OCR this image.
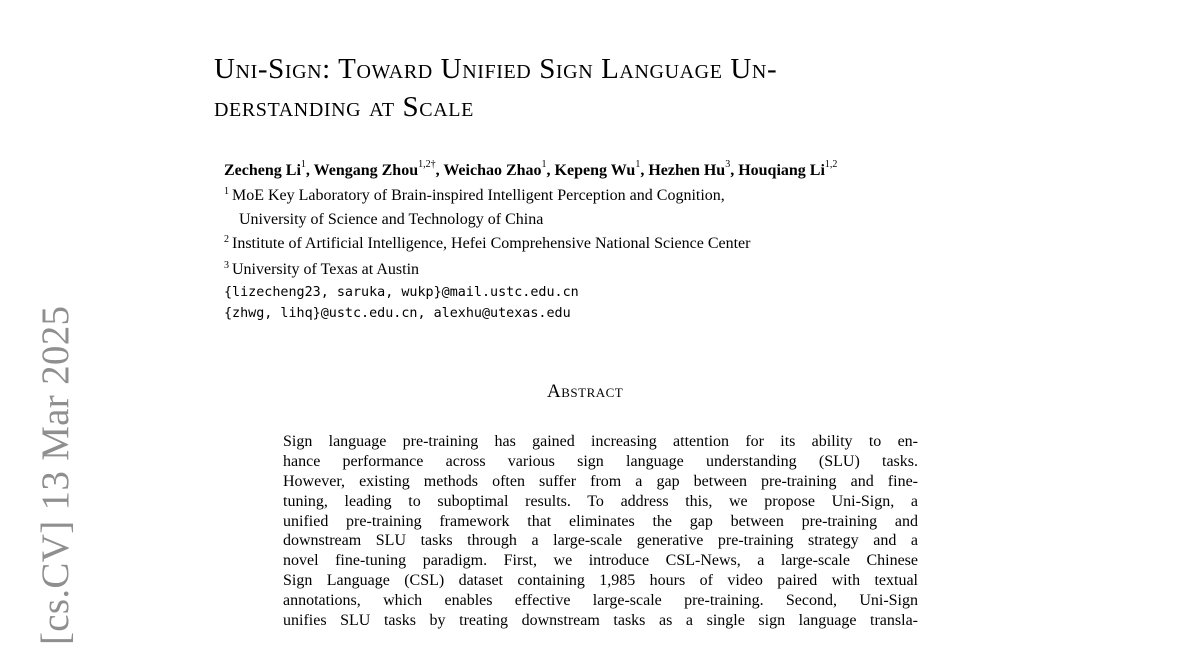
[cs.CV] 13 Mar 2025
Uni-Sign: Toward Unified Sign Language Un-
derstanding at Scale
Zecheng Li$^1$, Wengang Zhou$^{1,2\dagger}$, Weichao Zhao$^1$, Kepeng Wu$^1$, Hezhen Hu$^3$, Houqiang Li$^{1,2}$
$^1$ MoE Key Laboratory of Brain-inspired Intelligent Perception and Cognition,
University of Science and Technology of China
$^2$ Institute of Artificial Intelligence, Hefei Comprehensive National Science Center
$^3$ University of Texas at Austin
{lizecheng23, saruka, wukp}@mail.ustc.edu.cn
{zhwg, lihq}@ustc.edu.cn, alexhu@utexas.edu
Abstract
Sign language pre-training has gained increasing attention for its ability to en-
hance performance across various sign language understanding (SLU) tasks.
However, existing methods often suffer from a gap between pre-training and fine-
tuning, leading to suboptimal results. To address this, we propose Uni-Sign, a
unified pre-training framework that eliminates the gap between pre-training and
downstream SLU tasks through a large-scale generative pre-training strategy and a
novel fine-tuning paradigm. First, we introduce CSL-News, a large-scale Chinese
Sign Language (CSL) dataset containing 1,985 hours of video paired with textual
annotations, which enables effective large-scale pre-training. Second, Uni-Sign
unifies SLU tasks by treating downstream tasks as a single sign language transla-
